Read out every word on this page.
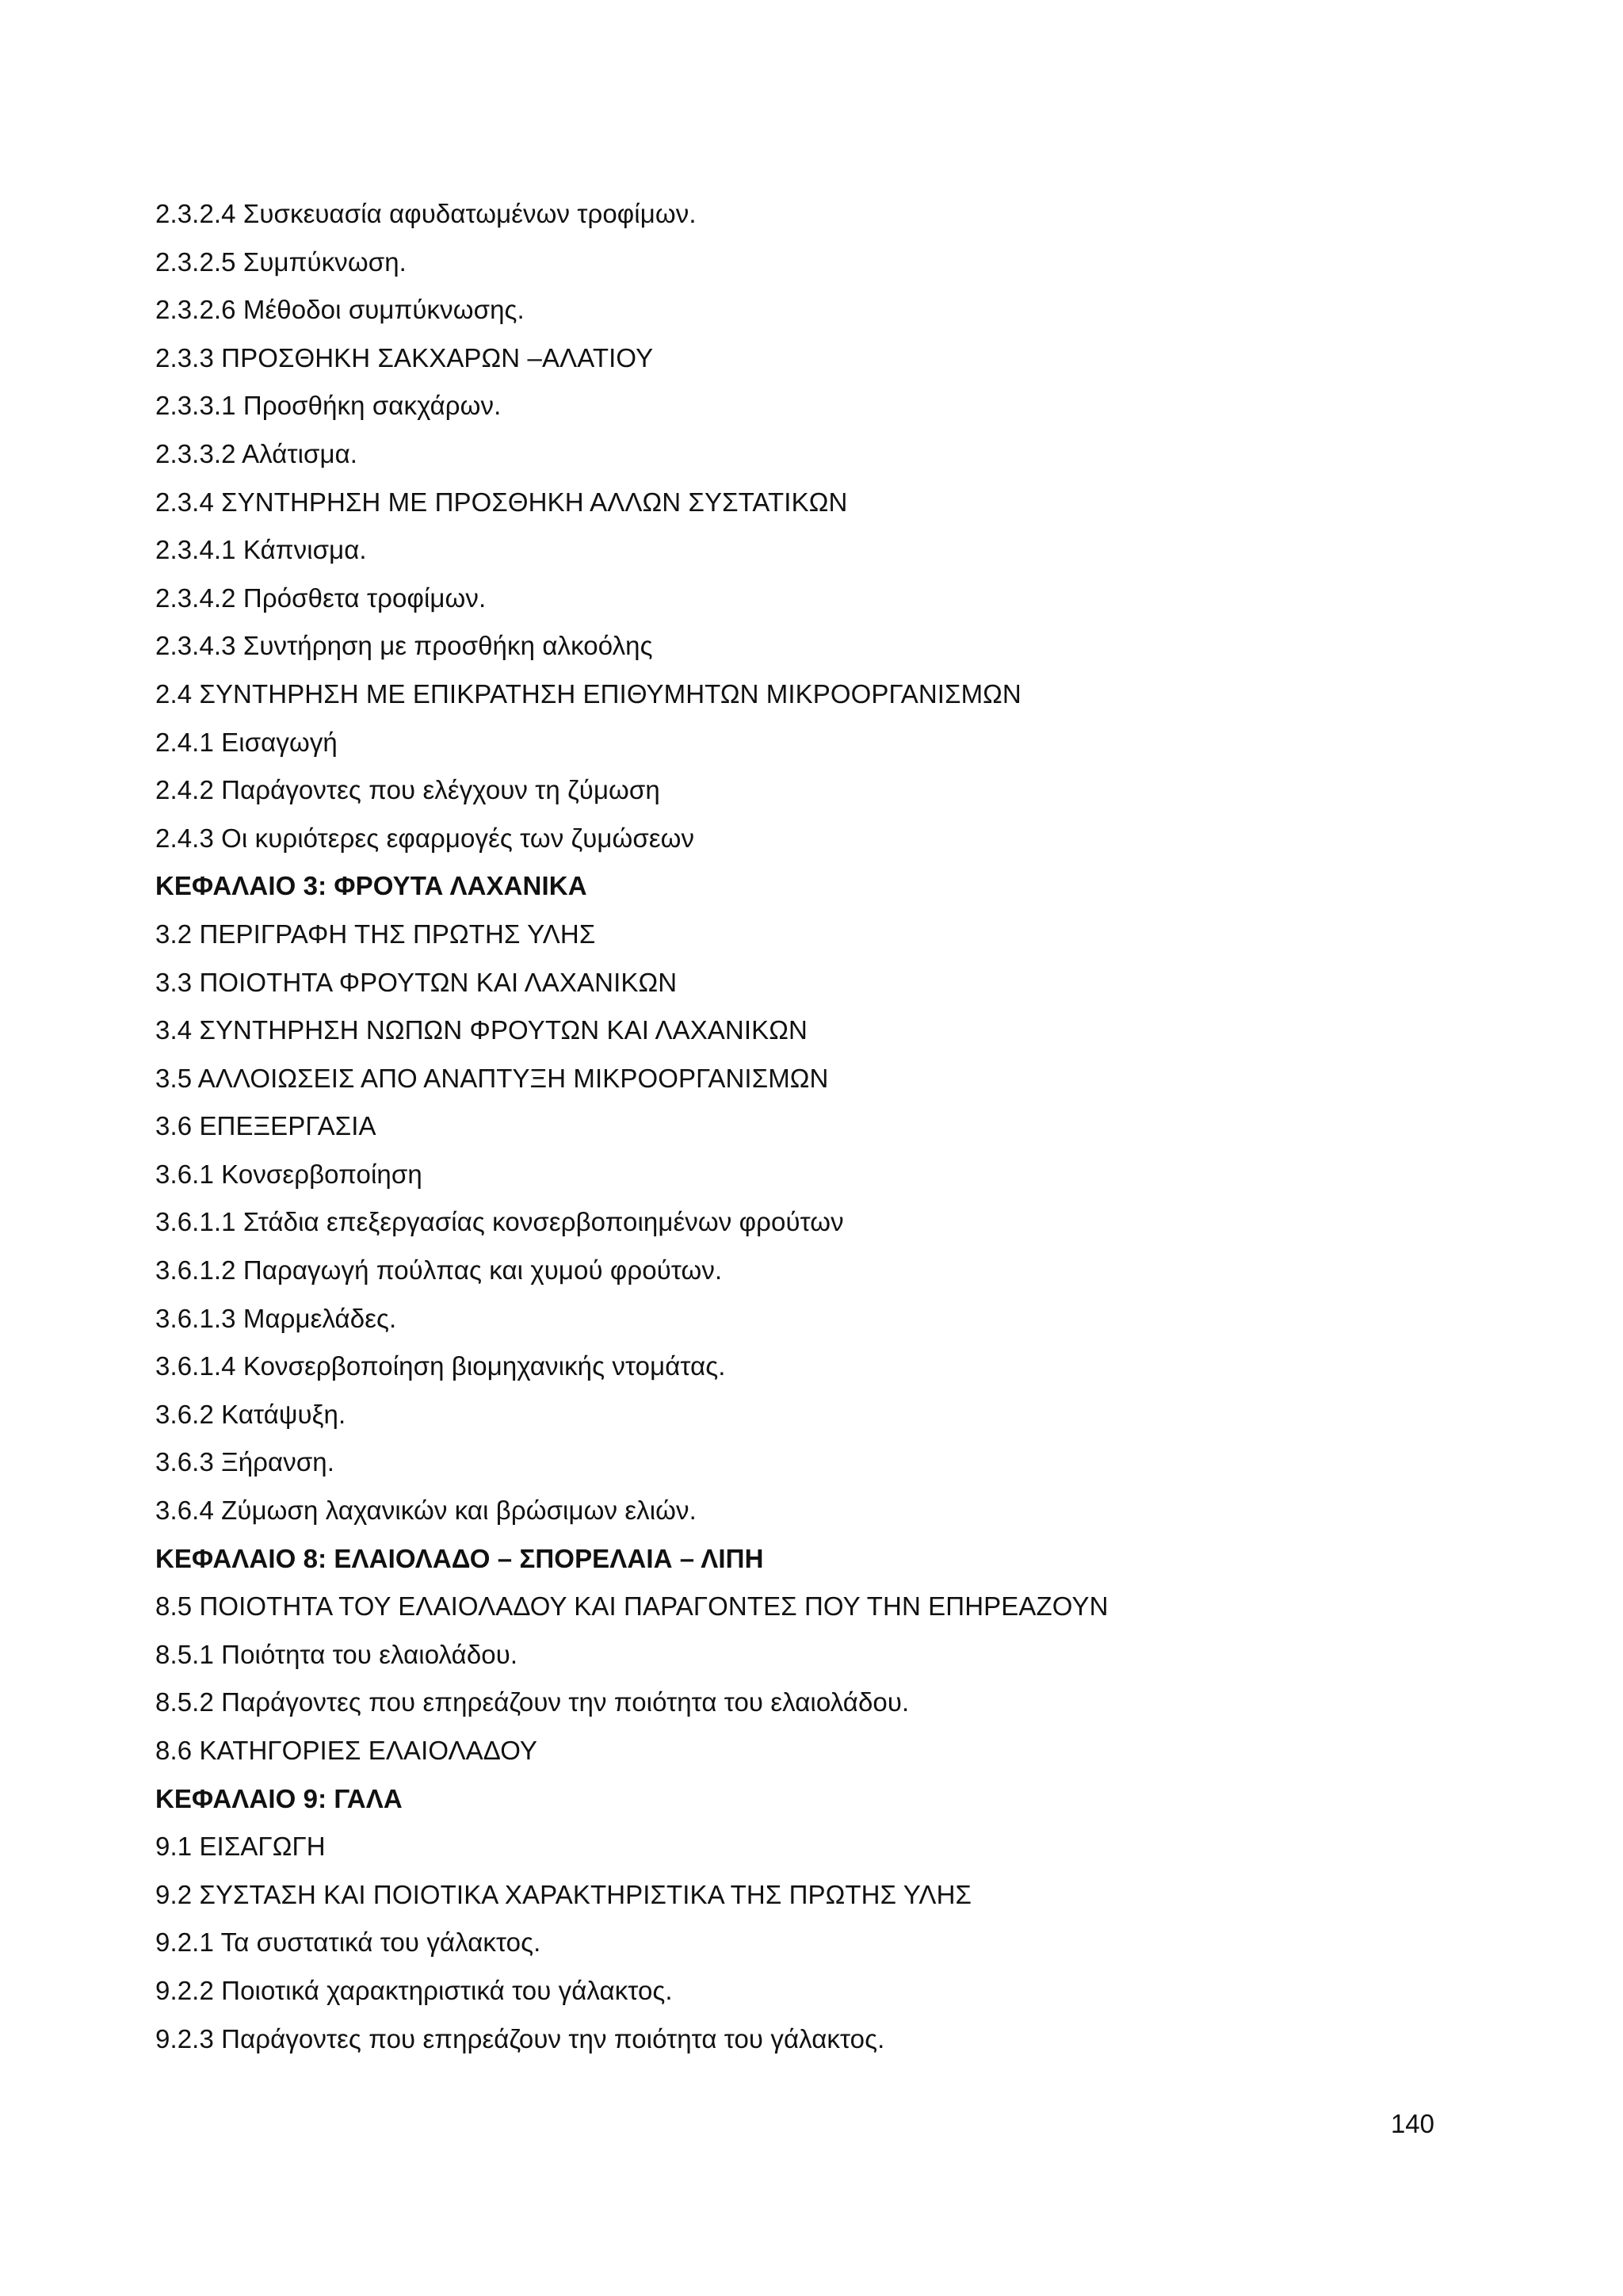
2.3.2.4 Συσκευασία αφυδατωμένων τροφίμων.
2.3.2.5 Συμπύκνωση.
2.3.2.6 Μέθοδοι συμπύκνωσης.
2.3.3 ΠΡΟΣΘΗΚΗ ΣΑΚΧΑΡΩΝ –ΑΛΑΤΙΟΥ
2.3.3.1 Προσθήκη σακχάρων.
2.3.3.2 Αλάτισμα.
2.3.4 ΣΥΝΤΗΡΗΣΗ ΜΕ ΠΡΟΣΘΗΚΗ ΑΛΛΩΝ ΣΥΣΤΑΤΙΚΩΝ
2.3.4.1 Κάπνισμα.
2.3.4.2 Πρόσθετα τροφίμων.
2.3.4.3 Συντήρηση με προσθήκη αλκοόλης
2.4 ΣΥΝΤΗΡΗΣΗ ΜΕ ΕΠΙΚΡΑΤΗΣΗ ΕΠΙΘΥΜΗΤΩΝ ΜΙΚΡΟΟΡΓΑΝΙΣΜΩΝ
2.4.1 Εισαγωγή
2.4.2 Παράγοντες που ελέγχουν τη ζύμωση
2.4.3 Οι κυριότερες εφαρμογές των ζυμώσεων
ΚΕΦΑΛΑΙΟ 3: ΦΡΟΥΤΑ ΛΑΧΑΝΙΚΑ
3.2 ΠΕΡΙΓΡΑΦΗ ΤΗΣ ΠΡΩΤΗΣ ΥΛΗΣ
3.3 ΠΟΙΟΤΗΤΑ ΦΡΟΥΤΩΝ ΚΑΙ ΛΑΧΑΝΙΚΩΝ
3.4 ΣΥΝΤΗΡΗΣΗ ΝΩΠΩΝ ΦΡΟΥΤΩΝ ΚΑΙ ΛΑΧΑΝΙΚΩΝ
3.5 ΑΛΛΟΙΩΣΕΙΣ ΑΠΟ ΑΝΑΠΤΥΞΗ ΜΙΚΡΟΟΡΓΑΝΙΣΜΩΝ
3.6 ΕΠΕΞΕΡΓΑΣΙΑ
3.6.1 Κονσερβοποίηση
3.6.1.1 Στάδια επεξεργασίας κονσερβοποιημένων φρούτων
3.6.1.2 Παραγωγή πούλπας και χυμού φρούτων.
3.6.1.3 Μαρμελάδες.
3.6.1.4 Κονσερβοποίηση βιομηχανικής ντομάτας.
3.6.2 Κατάψυξη.
3.6.3 Ξήρανση.
3.6.4 Ζύμωση λαχανικών και βρώσιμων ελιών.
ΚΕΦΑΛΑΙΟ 8: ΕΛΑΙΟΛΑΔΟ – ΣΠΟΡΕΛΑΙΑ – ΛΙΠΗ
8.5 ΠΟΙΟΤΗΤΑ ΤΟΥ ΕΛΑΙΟΛΑΔΟΥ ΚΑΙ ΠΑΡΑΓΟΝΤΕΣ ΠΟΥ ΤΗΝ ΕΠΗΡΕΑΖΟΥΝ
8.5.1 Ποιότητα του ελαιολάδου.
8.5.2 Παράγοντες που επηρεάζουν την ποιότητα του ελαιολάδου.
8.6 ΚΑΤΗΓΟΡΙΕΣ ΕΛΑΙΟΛΑΔΟΥ
ΚΕΦΑΛΑΙΟ 9: ΓΑΛΑ
9.1 ΕΙΣΑΓΩΓΗ
9.2 ΣΥΣΤΑΣΗ ΚΑΙ ΠΟΙΟΤΙΚΑ ΧΑΡΑΚΤΗΡΙΣΤΙΚΑ ΤΗΣ ΠΡΩΤΗΣ ΥΛΗΣ
9.2.1 Τα συστατικά του γάλακτος.
9.2.2 Ποιοτικά χαρακτηριστικά του γάλακτος.
9.2.3 Παράγοντες που επηρεάζουν την ποιότητα του γάλακτος.
140
